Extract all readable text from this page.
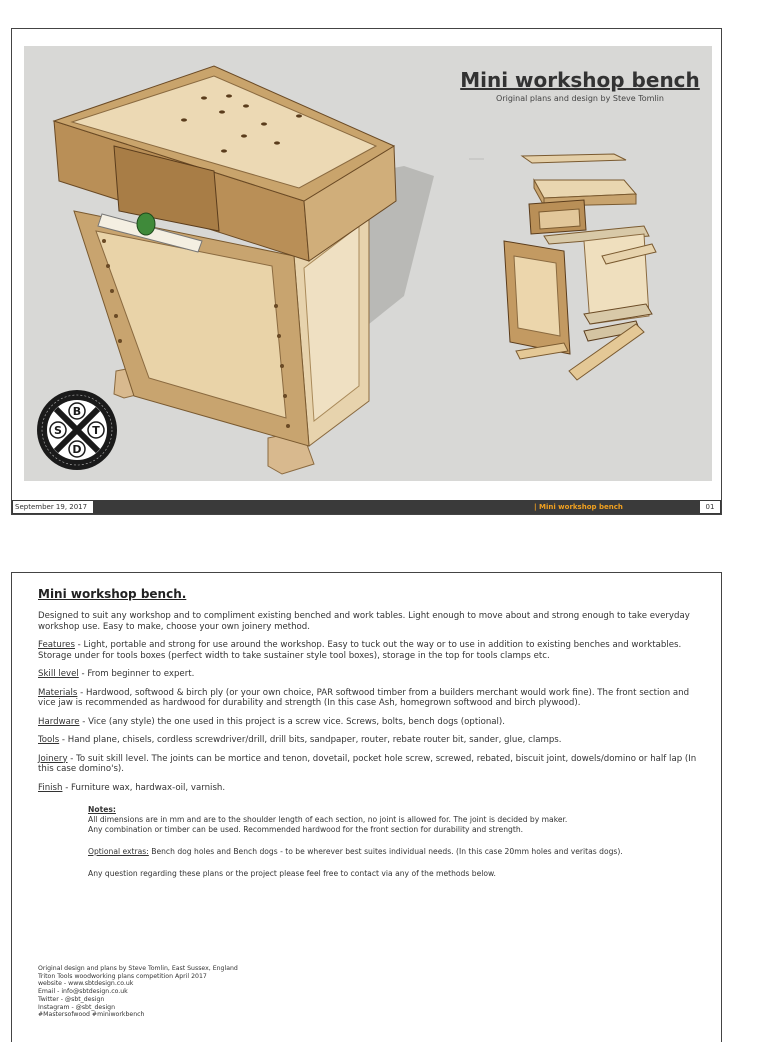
Mini workshop bench
Original plans and design by Steve Tomlin
B
S	T
D
September 19, 2017	| Mini workshop bench	01

Mini workshop bench.

Designed to suit any workshop and to compliment existing benched and work tables. Light enough to move about and strong enough to take everyday workshop use. Easy to make, choose your own joinery method.

Features - Light, portable and strong for use around the workshop. Easy to tuck out the way or to use in addition to existing benches and worktables. Storage under for tools boxes (perfect width to take sustainer style tool boxes), storage in the top for tools clamps etc.

Skill level - From beginner to expert.

Materials - Hardwood, softwood & birch ply (or your own choice, PAR softwood timber from a builders merchant would work fine). The front section and vice jaw is recommended as hardwood for durability and strength (In this case Ash, homegrown softwood and birch plywood).

Hardware - Vice (any style) the one used in this project is a screw vice. Screws, bolts, bench dogs (optional).

Tools - Hand plane, chisels, cordless screwdriver/drill, drill bits, sandpaper, router, rebate router bit, sander, glue, clamps.

Joinery - To suit skill level. The joints can be mortice and tenon, dovetail, pocket hole screw, screwed, rebated, biscuit joint, dowels/domino or half lap (In this case domino's).

Finish - Furniture wax, hardwax-oil, varnish.

Notes:

All dimensions are in mm and are to the shoulder length of each section, no joint is allowed for. The joint is decided by maker.

Any combination or timber can be used. Recommended hardwood for the front section for durability and strength.

Optional extras: Bench dog holes and Bench dogs - to be wherever best suites individual needs. (In this case 20mm holes and veritas dogs).

Any question regarding these plans or the project please feel free to contact via any of the methods below.

Original design and plans by Steve Tomlin, East Sussex, England
Triton Tools woodworking plans competition April 2017
website - www.sbtdesign.co.uk
Email - info@sbtdesign.co.uk
Twitter - @sbt_design
Instagram - @sbt_design
#Mastersofwood #miniworkbench
